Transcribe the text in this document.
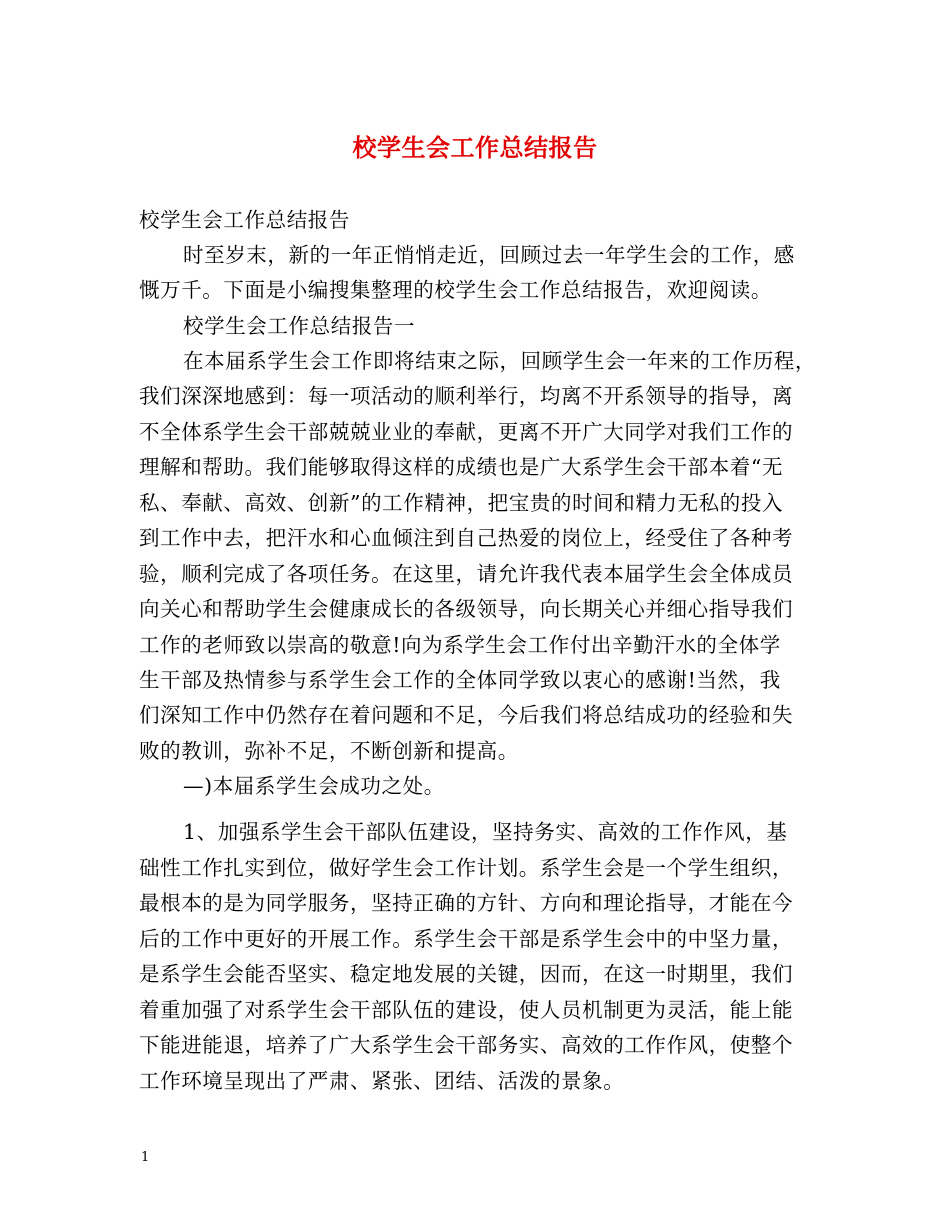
校学生会工作总结报告
校学生会工作总结报告
时至岁末，新的一年正悄悄走近，回顾过去一年学生会的工作，感
慨万千。下面是小编搜集整理的校学生会工作总结报告，欢迎阅读。
校学生会工作总结报告一
在本届系学生会工作即将结束之际，回顾学生会一年来的工作历程，
我们深深地感到：每一项活动的顺利举行，均离不开系领导的指导，离
不全体系学生会干部兢兢业业的奉献，更离不开广大同学对我们工作的
理解和帮助。我们能够取得这样的成绩也是广大系学生会干部本着“无
私、奉献、高效、创新”的工作精神，把宝贵的时间和精力无私的投入
到工作中去，把汗水和心血倾注到自己热爱的岗位上，经受住了各种考
验，顺利完成了各项任务。在这里，请允许我代表本届学生会全体成员
向关心和帮助学生会健康成长的各级领导，向长期关心并细心指导我们
工作的老师致以崇高的敬意!向为系学生会工作付出辛勤汗水的全体学
生干部及热情参与系学生会工作的全体同学致以衷心的感谢!当然，我
们深知工作中仍然存在着问题和不足，今后我们将总结成功的经验和失
败的教训，弥补不足，不断创新和提高。
—)本届系学生会成功之处。
1、加强系学生会干部队伍建设，坚持务实、高效的工作作风，基
础性工作扎实到位，做好学生会工作计划。系学生会是一个学生组织，
最根本的是为同学服务，坚持正确的方针、方向和理论指导，才能在今
后的工作中更好的开展工作。系学生会干部是系学生会中的中坚力量，
是系学生会能否坚实、稳定地发展的关键，因而，在这一时期里，我们
着重加强了对系学生会干部队伍的建设，使人员机制更为灵活，能上能
下能进能退，培养了广大系学生会干部务实、高效的工作作风，使整个
工作环境呈现出了严肃、紧张、团结、活泼的景象。
1
